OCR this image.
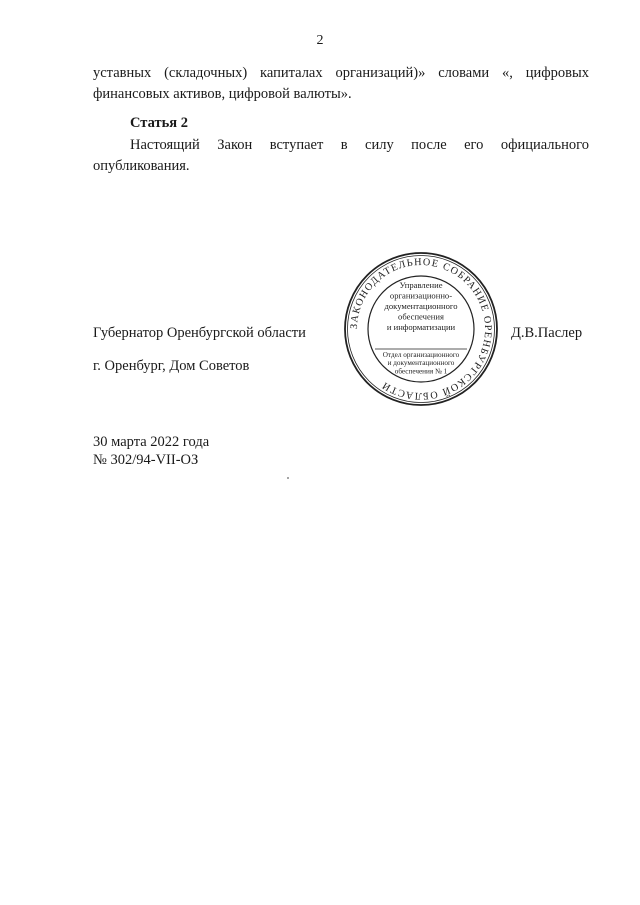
2

уставных (складочных) капиталах организаций)» словами «, цифровых финансовых активов, цифровой валюты».

Статья 2

Настоящий Закон вступает в силу после его официального опубликования.

Губернатор Оренбургской области	Д.В.Паслер
г. Оренбург, Дом Советов
30 марта 2022 года
№ 302/94-VII-ОЗ
ЗАКОНОДАТЕЛЬНОЕ СОБРАНИЕ ОРЕНБУРГСКОЙ ОБЛАСТИ
Управление
организационно-
документационного
обеспечения
и информатизации
Отдел организационного
и документационного
обеспечения № 1
